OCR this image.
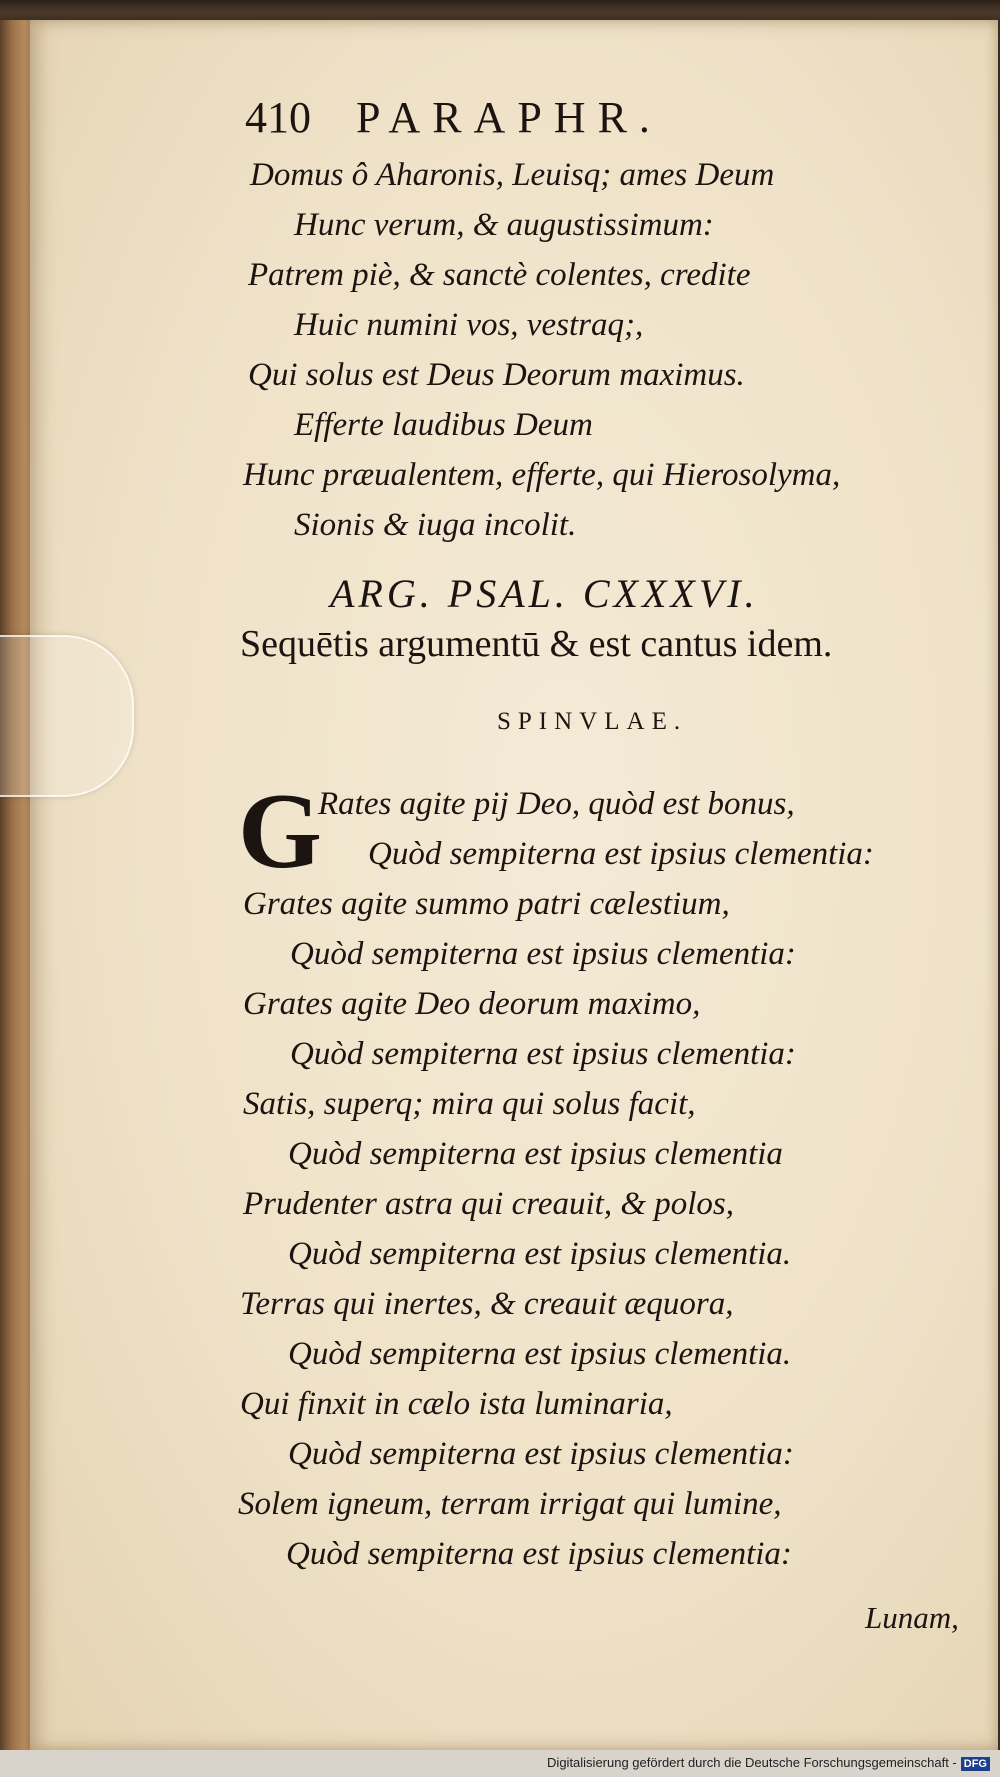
410 PARAPHR.
Domus ô Aharonis, Leuisq; ames Deum
Hunc verum, & augustissimum:
Patrem piè, & sanctè colentes, credite
Huic numini vos, vestraq;,
Qui solus est Deus Deorum maximus.
Efferte laudibus Deum
Hunc præualentem, efferte, qui Hierosolyma,
Sionis & iuga incolit.
ARG. PSAL. CXXXVI.
Sequētis argumentū & est cantus idem.
SPINVLAE.
G
Rates agite pij Deo, quòd est bonus,
Quòd sempiterna est ipsius clementia:
Grates agite summo patri cælestium,
Quòd sempiterna est ipsius clementia:
Grates agite Deo deorum maximo,
Quòd sempiterna est ipsius clementia:
Satis, superq; mira qui solus facit,
Quòd sempiterna est ipsius clementia
Prudenter astra qui creauit, & polos,
Quòd sempiterna est ipsius clementia.
Terras qui inertes, & creauit æquora,
Quòd sempiterna est ipsius clementia.
Qui finxit in cælo ista luminaria,
Quòd sempiterna est ipsius clementia:
Solem igneum, terram irrigat qui lumine,
Quòd sempiterna est ipsius clementia:
Lunam,
Digitalisierung gefördert durch die Deutsche Forschungsgemeinschaft - DFG
